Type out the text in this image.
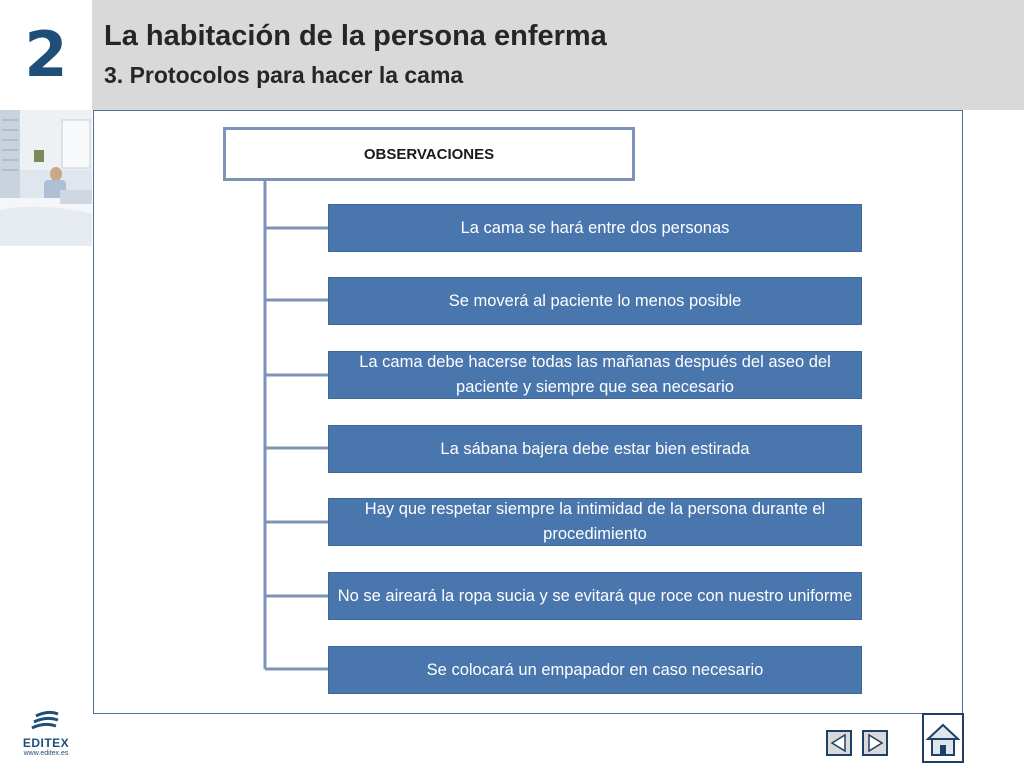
2 La habitación de la persona enferma
3. Protocolos para hacer la cama
OBSERVACIONES
La cama se hará entre dos personas
Se moverá al paciente lo menos posible
La cama debe hacerse todas las mañanas después del aseo del paciente y siempre que sea necesario
La sábana bajera debe estar bien estirada
Hay que respetar siempre la intimidad de la persona durante el procedimiento
No se aireará la ropa sucia y se evitará que roce con nuestro uniforme
Se colocará un empapador en caso necesario
EDITEX
www.editex.es
